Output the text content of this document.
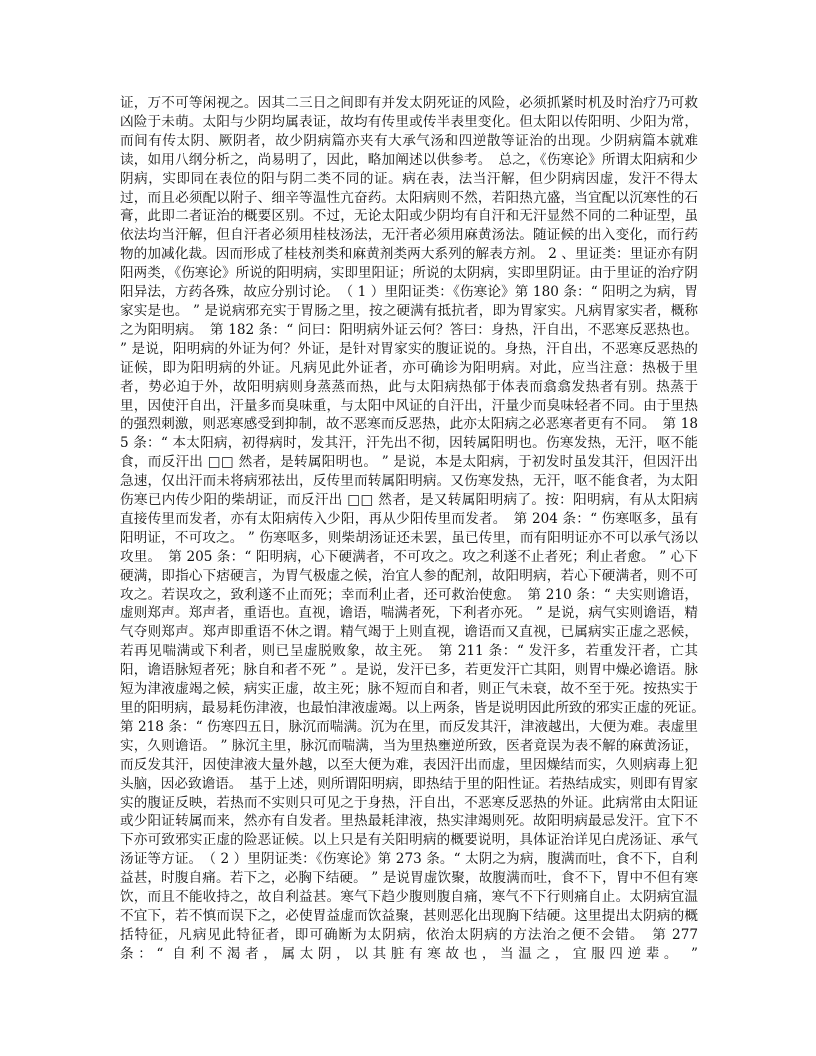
证，万不可等闲视之。因其二三日之间即有并发太阴死证的风险，必须抓紧时机及时治疗乃可救凶险于未萌。太阳与少阴均属表证，故均有传里或传半表里变化。但太阳以传阳明、少阳为常，而间有传太阴、厥阴者，故少阴病篇亦夹有大承气汤和四逆散等证治的出现。少阴病篇本就难读，如用八纲分析之，尚易明了，因此，略加阐述以供参考。　总之，《伤寒论》所谓太阳病和少阴病，实即同在表位的阳与阴二类不同的证。病在表，法当汗解，但少阴病因虚，发汗不得太过，而且必须配以附子、细辛等温性亢奋药。太阳病则不然，若阳热亢盛，当宜配以沉寒性的石膏，此即二者证治的概要区别。不过，无论太阳或少阴均有自汗和无汗显然不同的二种证型，虽依法均当汗解，但自汗者必须用桂枝汤法，无汗者必须用麻黄汤法。随证候的出入变化，而行药物的加减化裁。因而形成了桂枝剂类和麻黄剂类两大系列的解表方剂。 2 、里证类：里证亦有阴阳两类，《伤寒论》所说的阳明病，实即里阳证；所说的太阴病，实即里阴证。由于里证的治疗阴阳异法，方药各殊，故应分别讨论。　（ 1 ）里阳证类：《伤寒论》第 180 条：“ 阳明之为病，胃家实是也。 ” 是说病邪充实于胃肠之里，按之硬满有抵抗者，即为胃家实。凡病胃家实者，概称之为阳明病。　第 182 条：“ 问曰：阳明病外证云何？答曰：身热，汗自出，不恶寒反恶热也。 ” 是说，阳明病的外证为何？外证，是针对胃家实的腹证说的。身热，汗自出，不恶寒反恶热的证候，即为阳明病的外证。凡病见此外证者，亦可确诊为阳明病。对此，应当注意：热极于里者，势必迫于外，故阳明病则身蒸蒸而热，此与太阳病热郁于体表而翕翕发热者有别。热蒸于里，因使汗自出，汗量多而臭味重，与太阳中风证的自汗出，汗量少而臭味轻者不同。由于里热的强烈刺激，则恶寒感受到抑制，故不恶寒而反恶热，此亦太阳病之必恶寒者更有不同。　第 185 条：“ 本太阳病，初得病时，发其汗，汗先出不彻，因转属阳明也。伤寒发热，无汗，呕不能食，而反汗出 □□ 然者，是转属阳明也。 ” 是说，本是太阳病，于初发时虽发其汗，但因汗出急速，仅出汗而未将病邪祛出，反传里而转属阳明病。又伤寒发热，无汗，呕不能食者，为太阳伤寒已内传少阳的柴胡证，而反汗出 □□ 然者，是又转属阳明病了。按：阳明病，有从太阳病直接传里而发者，亦有太阳病传入少阳，再从少阳传里而发者。　第 204 条：“ 伤寒呕多，虽有阳明证，不可攻之。 ” 伤寒呕多，则柴胡汤证还未罢，虽已传里，而有阳明证亦不可以承气汤以攻里。　第 205 条：“ 阳明病，心下硬满者，不可攻之。攻之利遂不止者死；利止者愈。 ” 心下硬满，即指心下痞硬言，为胃气极虚之候，治宜人参的配剂，故阳明病，若心下硬满者，则不可攻之。若误攻之，致利遂不止而死；幸而利止者，还可救治使愈。　第 210 条：“ 夫实则谵语，虚则郑声。郑声者，重语也。直视，谵语，喘满者死，下利者亦死。 ” 是说，病气实则谵语，精气夺则郑声。郑声即重语不休之谓。精气竭于上则直视，谵语而又直视，已属病实正虚之恶候，若再见喘满或下利者，则已呈虚脱败象，故主死。　第 211 条：“ 发汗多，若重发汗者，亡其阳，谵语脉短者死；脉自和者不死 ” 。是说，发汗已多，若更发汗亡其阳，则胃中燥必谵语。脉短为津液虚竭之候，病实正虚，故主死；脉不短而自和者，则正气未衰，故不至于死。按热实于里的阳明病，最易耗伤津液，也最怕津液虚竭。以上两条，皆是说明因此所致的邪实正虚的死证。　第 218 条：“ 伤寒四五日，脉沉而喘满。沉为在里，而反发其汗，津液越出，大便为难。表虚里实，久则谵语。 ” 脉沉主里，脉沉而喘满，当为里热壅逆所致，医者竟误为表不解的麻黄汤证，而反发其汗，因使津液大量外越，以至大便为难，表因汗出而虚，里因燥结而实，久则病毒上犯头脑，因必致谵语。　基于上述，则所谓阳明病，即热结于里的阳性证。若热结成实，则即有胃家实的腹证反映，若热而不实则只可见之于身热，汗自出，不恶寒反恶热的外证。此病常由太阳证或少阳证转属而来，然亦有自发者。里热最耗津液，热实津竭则死。故阳明病最忌发汗。宜下不下亦可致邪实正虚的险恶证候。以上只是有关阳明病的概要说明，具体证治详见白虎汤证、承气汤证等方证。　（ 2 ）里阴证类：《伤寒论》第 273 条。“ 太阴之为病，腹满而吐，食不下，自利益甚，时腹自痛。若下之，必胸下结硬。 ” 是说胃虚饮聚，故腹满而吐，食不下，胃中不但有寒饮，而且不能收持之，故自利益甚。寒气下趋少腹则腹自痛，寒气不下行则痛自止。太阴病宜温不宜下，若不慎而误下之，必使胃益虚而饮益聚，甚则恶化出现胸下结硬。这里提出太阴病的概括特征，凡病见此特征者，即可确断为太阴病，依治太阴病的方法治之便不会错。　第 277 条：“ 自利不渴者，属太阴，以其脏有寒故也，当温之，宜服四逆辈。 ”
